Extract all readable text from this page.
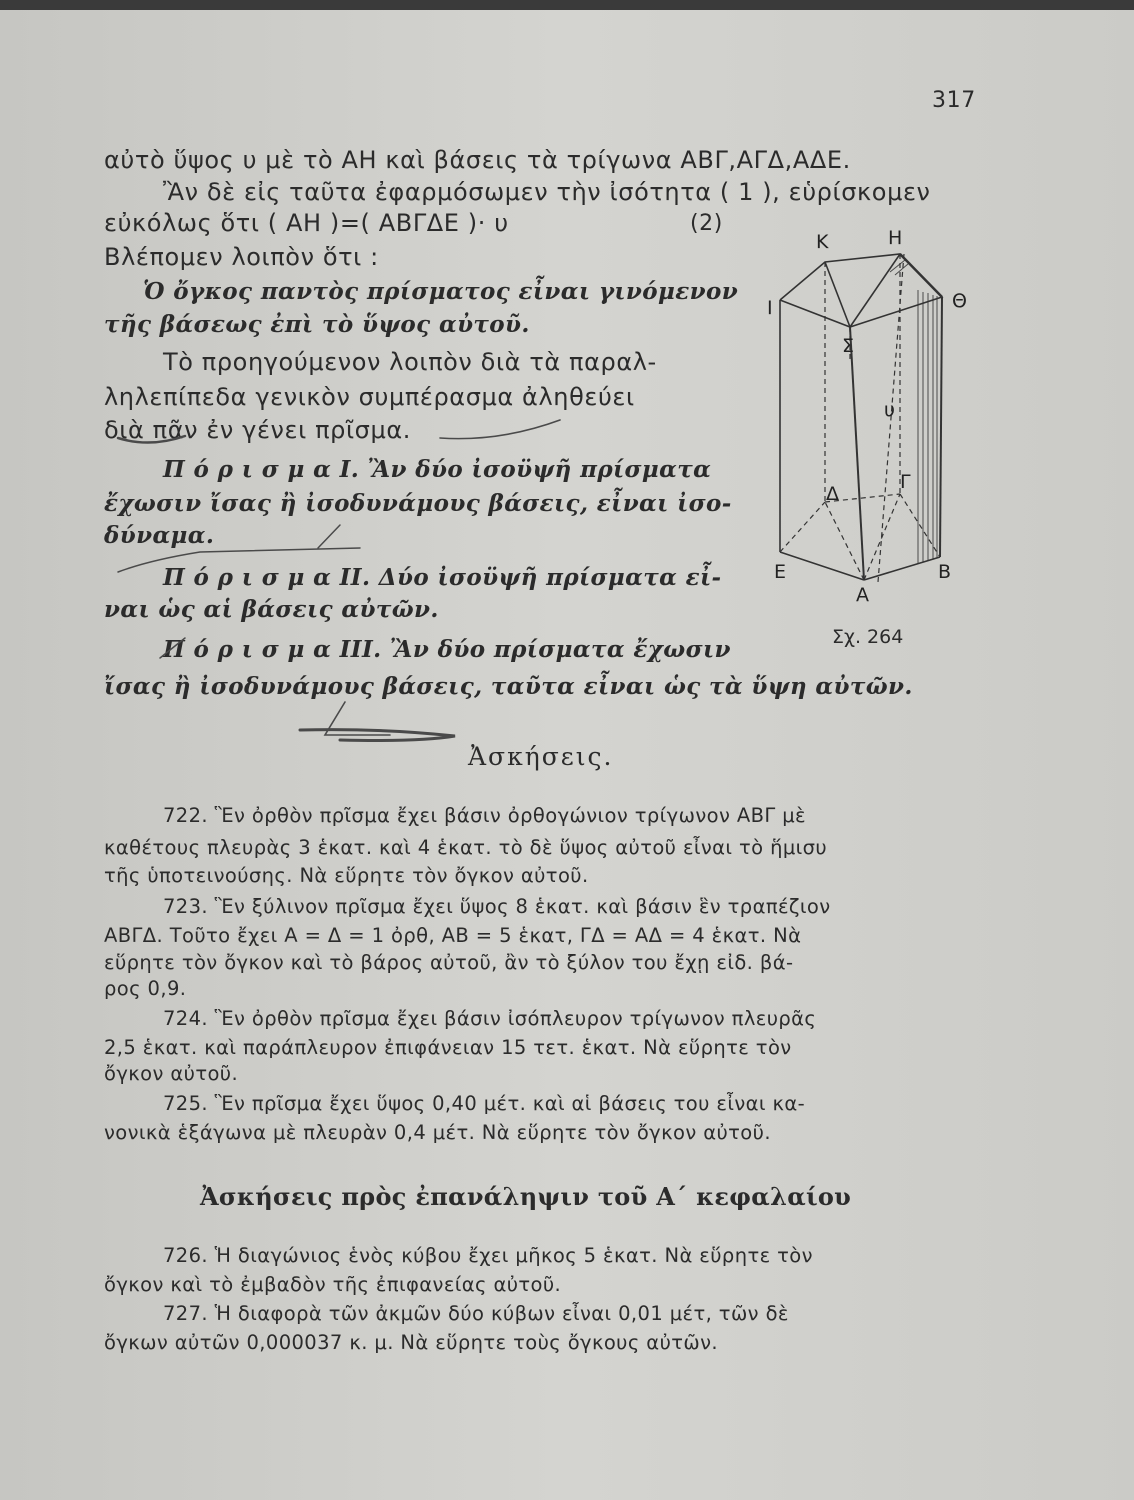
317
αὐτὸ ὕψος υ μὲ τὸ ΑΗ καὶ βάσεις τὰ τρίγωνα ΑΒΓ,ΑΓΔ,ΑΔΕ.
Ἂν δὲ εἰς ταῦτα ἐφαρμόσωμεν τὴν ἰσότητα ( 1 ), εὑρίσκομεν
εὐκόλως ὅτι ( ΑΗ )=( ΑΒΓΔΕ )· υ	(2)
Βλέπομεν λοιπὸν ὅτι :
Ὁ ὄγκος παντὸς πρίσματος εἶναι γινόμενον
τῆς βάσεως ἐπὶ τὸ ὕψος αὐτοῦ.
Τὸ προηγούμενον λοιπὸν διὰ τὰ παραλ-
ληλεπίπεδα γενικὸν συμπέρασμα ἀληθεύει
διὰ πᾶν ἐν γένει πρῖσμα.
Π ό ρ ι σ μ α Ι. Ἂν δύο ἰσοϋψῆ πρίσματα
ἔχωσιν ἴσας ἢ ἰσοδυνάμους βάσεις, εἶναι ἰσο-
δύναμα.
Π ό ρ ι σ μ α ΙΙ. Δύο ἰσοϋψῆ πρίσματα εἶ-
ναι ὡς αἱ βάσεις αὐτῶν.
Π ό ρ ι σ μ α ΙΙΙ. Ἂν δύο πρίσματα ἔχωσιν
ἴσας ἢ ἰσοδυνάμους βάσεις, ταῦτα εἶναι ὡς τὰ ὕψη αὐτῶν.
Κ	Η
Ι	Θ
Σ
υ
Δ
Γ
Ε
Α
Β
Σχ. 264
Ἀσκήσεις.
722. Ἓν ὀρθὸν πρῖσμα ἔχει βάσιν ὀρθογώνιον τρίγωνον ΑΒΓ μὲ
καθέτους πλευρὰς 3 ἑκατ. καὶ 4 ἑκατ. τὸ δὲ ὕψος αὐτοῦ εἶναι τὸ ἥμισυ
τῆς ὑποτεινούσης. Νὰ εὕρητε τὸν ὄγκον αὐτοῦ.
723. Ἓν ξύλινον πρῖσμα ἔχει ὕψος 8 ἑκατ. καὶ βάσιν ἓν τραπέζιον
ΑΒΓΔ. Τοῦτο ἔχει Α = Δ = 1 ὀρθ, ΑΒ = 5 ἑκατ, ΓΔ = ΑΔ = 4 ἑκατ. Νὰ
εὕρητε τὸν ὄγκον καὶ τὸ βάρος αὐτοῦ, ἂν τὸ ξύλον του ἔχῃ εἰδ. βά-
ρος 0,9.
724. Ἓν ὀρθὸν πρῖσμα ἔχει βάσιν ἰσόπλευρον τρίγωνον πλευρᾶς
2,5 ἑκατ. καὶ παράπλευρον ἐπιφάνειαν 15 τετ. ἑκατ. Νὰ εὕρητε τὸν
ὄγκον αὐτοῦ.
725. Ἓν πρῖσμα ἔχει ὕψος 0,40 μέτ. καὶ αἱ βάσεις του εἶναι κα-
νονικὰ ἑξάγωνα μὲ πλευρὰν 0,4 μέτ. Νὰ εὕρητε τὸν ὄγκον αὐτοῦ.
Ἀσκήσεις πρὸς ἐπανάληψιν τοῦ Α΄ κεφαλαίου
726. Ἡ διαγώνιος ἑνὸς κύβου ἔχει μῆκος 5 ἑκατ. Νὰ εὕρητε τὸν
ὄγκον καὶ τὸ ἐμβαδὸν τῆς ἐπιφανείας αὐτοῦ.
727. Ἡ διαφορὰ τῶν ἀκμῶν δύο κύβων εἶναι 0,01 μέτ, τῶν δὲ
ὄγκων αὐτῶν 0,000037 κ. μ. Νὰ εὕρητε τοὺς ὄγκους αὐτῶν.
